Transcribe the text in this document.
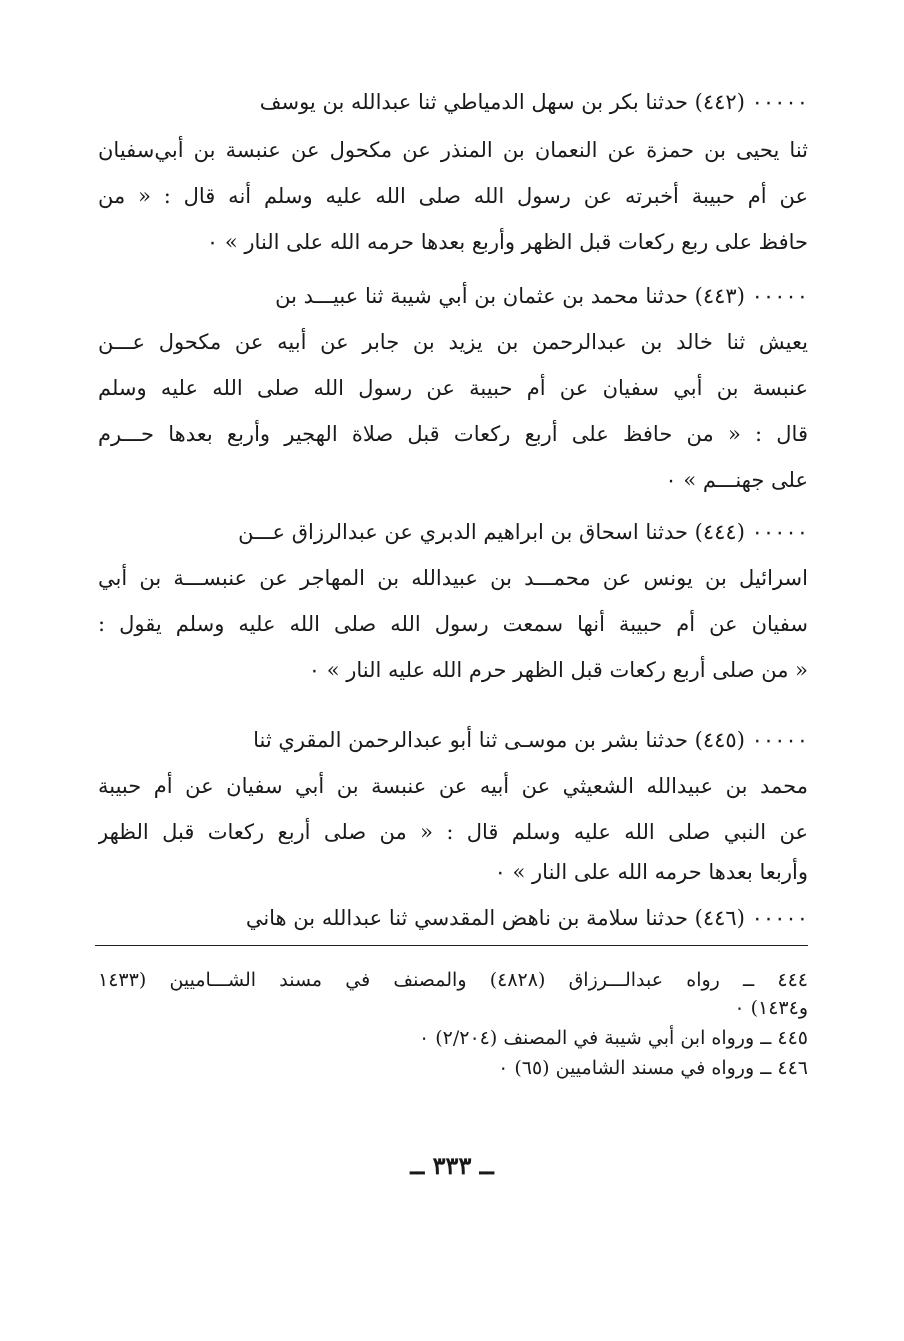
٠٠٠٠٠ (٤٤٢) حدثنا بكر بن سهل الدمياطي ثنا عبدالله بن يوسف
ثنا يحيى بن حمزة عن النعمان بن المنذر عن مكحول عن عنبسة بن أبي‌سفيان
عن أم حبيبة أخبرته عن رسول الله صلى الله عليه وسلم أنه قال : « من
حافظ على ربع ركعات قبل الظهر وأربع بعدها حرمه الله على النار » ٠
٠٠٠٠٠ (٤٤٣) حدثنا محمد بن عثمان بن أبي شيبة ثنا عبيـــد بن
يعيش ثنا خالد بن عبدالرحمن بن يزيد بن جابر عن أبيه عن مكحول عـــن
عنبسة بن أبي سفيان عن أم حبيبة عن رسول الله صلى الله عليه وسلم
قال : « من حافظ على أربع ركعات قبل صلاة الهجير وأربع بعدها حـــرم
على جهنـــم » ٠
٠٠٠٠٠ (٤٤٤) حدثنا اسحاق بن ابراهيم الدبري عن عبدالرزاق عـــن
اسرائيل بن يونس عن محمـــد بن عبيدالله بن المهاجر عن عنبســـة بن أبي
سفيان عن أم حبيبة أنها سمعت رسول الله صلى الله عليه وسلم يقول :
« من صلى أربع ركعات قبل الظهر حرم الله عليه النار » ٠
٠٠٠٠٠ (٤٤٥) حدثنا بشر بن موسـى ثنا أبو عبدالرحمن المقري ثنا
محمد بن عبيدالله الشعيثي عن أبيه عن عنبسة بن أبي سفيان عن أم حبيبة
عن النبي صلى الله عليه وسلم قال : « من صلى أربع ركعات قبل الظهر
وأربعا بعدها حرمه الله على النار » ٠
٠٠٠٠٠ (٤٤٦) حدثنا سلامة بن ناهض المقدسي ثنا عبدالله بن هاني
٤٤٤ ــ رواه عبدالـــرزاق (٤٨٢٨) والمصنف في مسند الشـــاميين (١٤٣٣
و١٤٣٤) ٠
٤٤٥ ــ ورواه ابن أبي شيبة في المصنف (٢/٢٠٤) ٠
٤٤٦ ــ ورواه في مسند الشاميين (٦٥) ٠
ــ ٣٣٣ ــ
